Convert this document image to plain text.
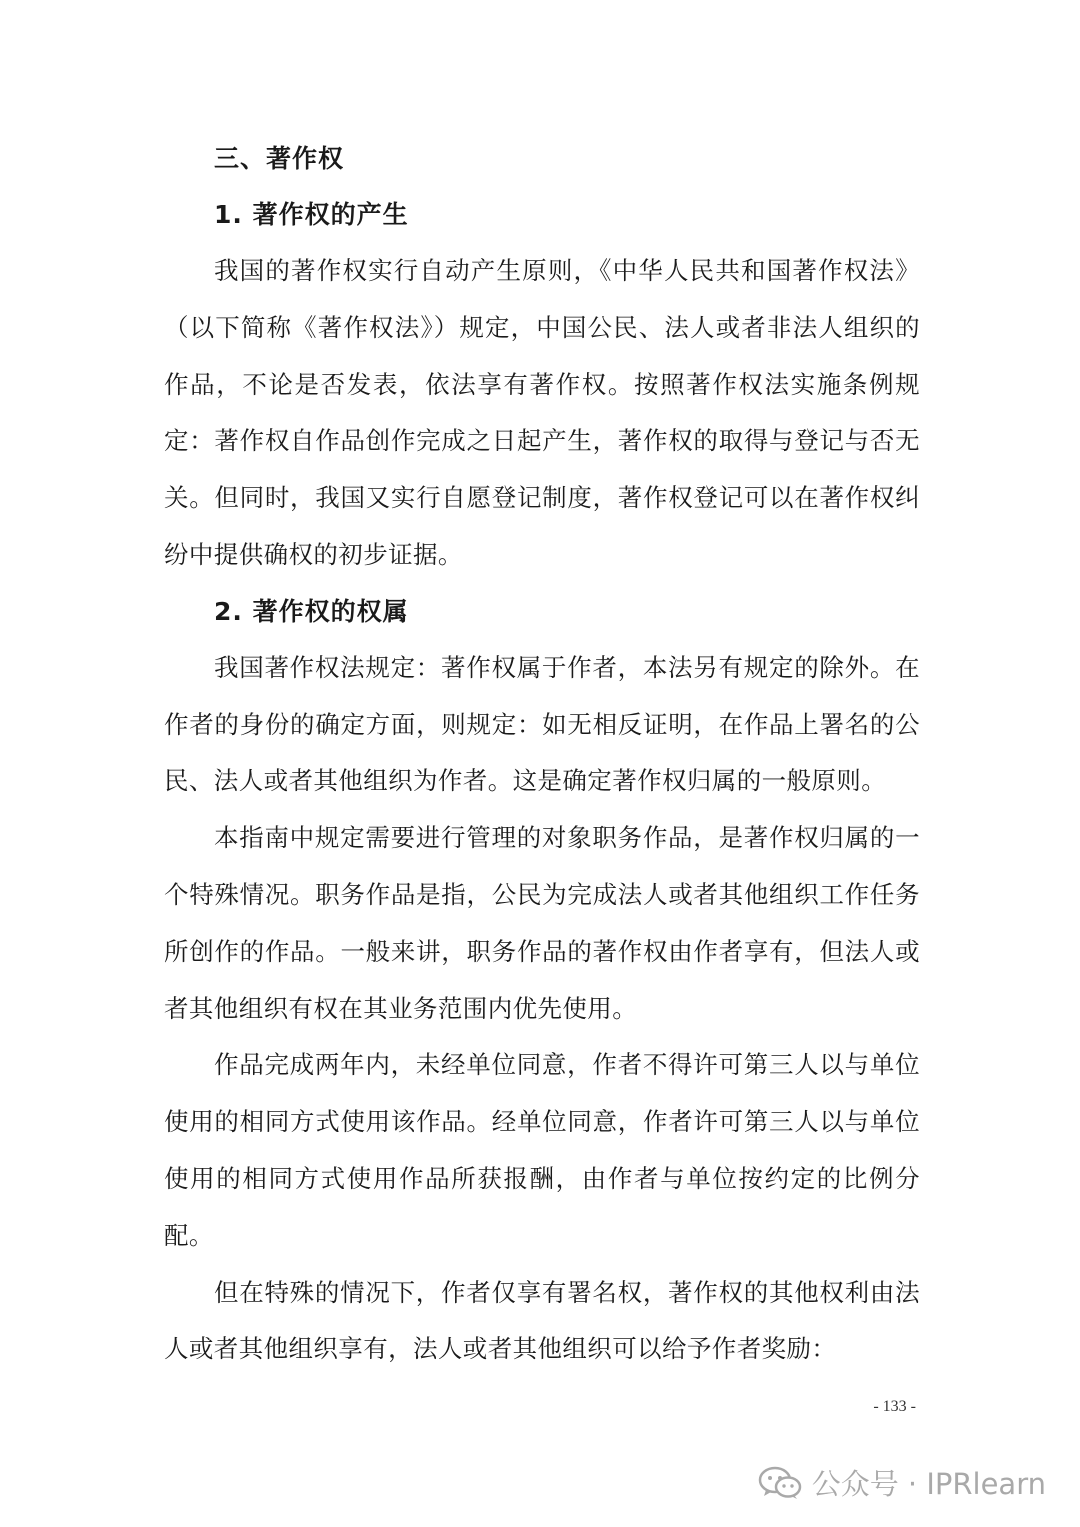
三、著作权
1. 著作权的产生

我国的著作权实行自动产生原则，《中华人民共和国著作权法》（以下简称《著作权法》）规定，中国公民、法人或者非法人组织的作品，不论是否发表，依法享有著作权。按照著作权法实施条例规定：著作权自作品创作完成之日起产生，著作权的取得与登记与否无关。但同时，我国又实行自愿登记制度，著作权登记可以在著作权纠纷中提供确权的初步证据。

2. 著作权的权属

我国著作权法规定：著作权属于作者，本法另有规定的除外。在作者的身份的确定方面，则规定：如无相反证明，在作品上署名的公民、法人或者其他组织为作者。这是确定著作权归属的一般原则。

本指南中规定需要进行管理的对象职务作品，是著作权归属的一个特殊情况。职务作品是指，公民为完成法人或者其他组织工作任务所创作的作品。一般来讲，职务作品的著作权由作者享有，但法人或者其他组织有权在其业务范围内优先使用。

作品完成两年内，未经单位同意，作者不得许可第三人以与单位使用的相同方式使用该作品。经单位同意，作者许可第三人以与单位使用的相同方式使用作品所获报酬，由作者与单位按约定的比例分配。

但在特殊的情况下，作者仅享有署名权，著作权的其他权利由法人或者其他组织享有，法人或者其他组织可以给予作者奖励：

- 133 -
公众号 · IPRlearn
